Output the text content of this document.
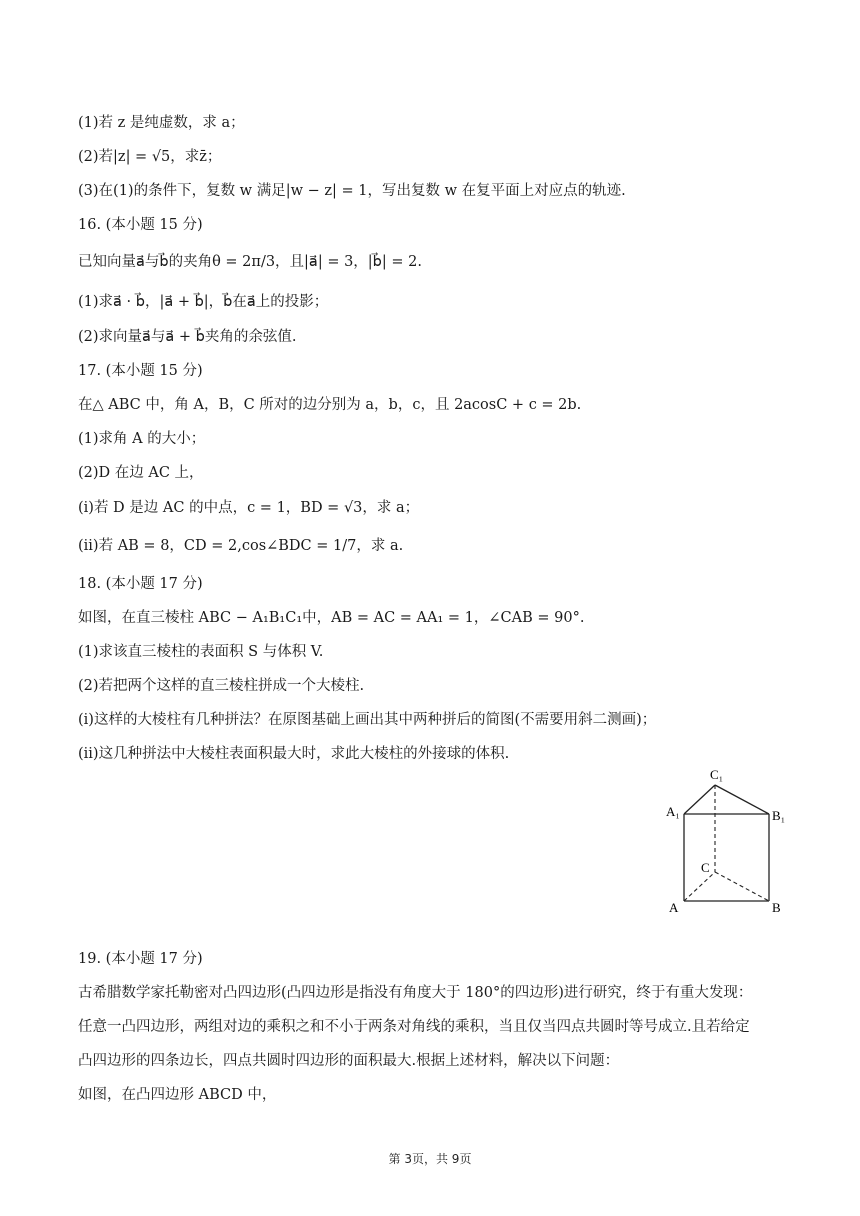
(1)若 z 是纯虚数，求 a；
(2)若|z| = √5，求z̄；
(3)在(1)的条件下，复数 w 满足|w − z| = 1，写出复数 w 在复平面上对应点的轨迹.
16. (本小题 15 分)
已知向量a⃗与b⃗的夹角θ = 2π/3，且|a⃗| = 3，|b⃗| = 2.
(1)求a⃗ · b⃗，|a⃗ + b⃗|，b⃗在a⃗上的投影；
(2)求向量a⃗与a⃗ + b⃗夹角的余弦值.
17. (本小题 15 分)
在△ ABC 中，角 A，B，C 所对的边分别为 a，b，c，且 2acosC + c = 2b.
(1)求角 A 的大小；
(2)D 在边 AC 上，
(i)若 D 是边 AC 的中点，c = 1，BD = √3，求 a；
(ii)若 AB = 8，CD = 2,cos∠BDC = 1/7，求 a.
18. (本小题 17 分)
如图，在直三棱柱 ABC − A₁B₁C₁中，AB = AC = AA₁ = 1，∠CAB = 90°.
(1)求该直三棱柱的表面积 S 与体积 V.
(2)若把两个这样的直三棱柱拼成一个大棱柱.
(i)这样的大棱柱有几种拼法？在原图基础上画出其中两种拼后的简图(不需要用斜二测画)；
(ii)这几种拼法中大棱柱表面积最大时，求此大棱柱的外接球的体积.
19. (本小题 17 分)
古希腊数学家托勒密对凸四边形(凸四边形是指没有角度大于 180°的四边形)进行研究，终于有重大发现：
任意一凸四边形，两组对边的乘积之和不小于两条对角线的乘积，当且仅当四点共圆时等号成立.且若给定
凸四边形的四条边长，四点共圆时四边形的面积最大.根据上述材料，解决以下问题：
如图，在凸四边形 ABCD 中，
C₁
A₁	B₁
C
A	B
第 3页，共 9页
